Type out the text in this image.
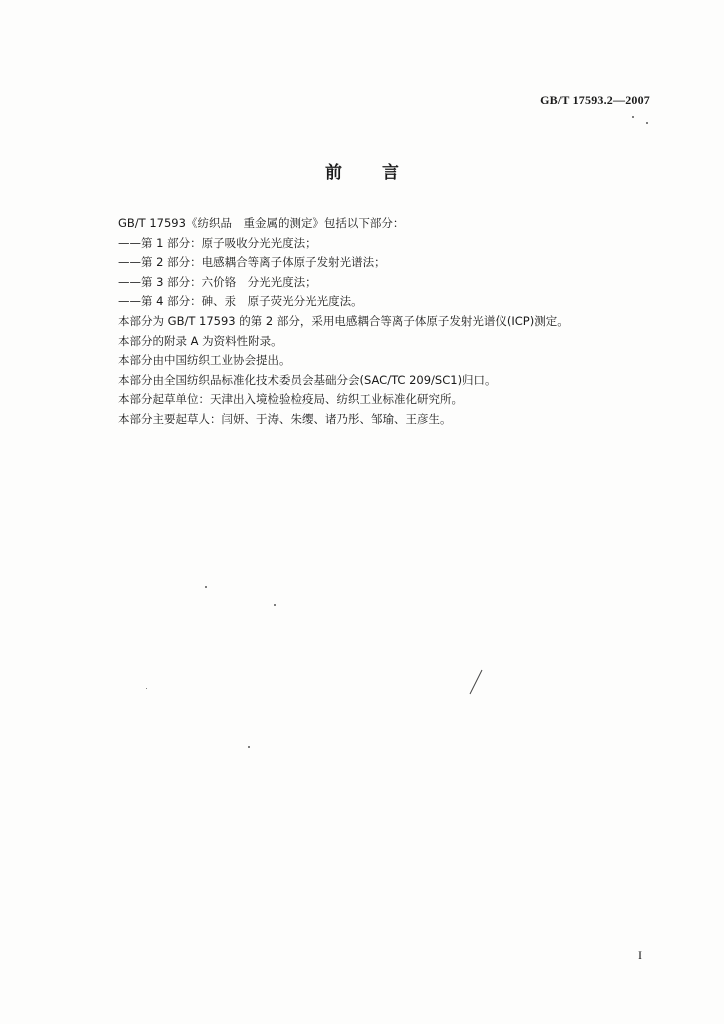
GB/T 17593.2—2007
前言
GB/T 17593《纺织品　重金属的测定》包括以下部分：
——第 1 部分：原子吸收分光光度法；
——第 2 部分：电感耦合等离子体原子发射光谱法；
——第 3 部分：六价铬　分光光度法；
——第 4 部分：砷、汞　原子荧光分光光度法。
本部分为 GB/T 17593 的第 2 部分，采用电感耦合等离子体原子发射光谱仪(ICP)测定。
本部分的附录 A 为资料性附录。
本部分由中国纺织工业协会提出。
本部分由全国纺织品标准化技术委员会基础分会(SAC/TC 209/SC1)归口。
本部分起草单位：天津出入境检验检疫局、纺织工业标准化研究所。
本部分主要起草人：闫妍、于涛、朱缨、诸乃彤、邹瑜、王彦生。
I
